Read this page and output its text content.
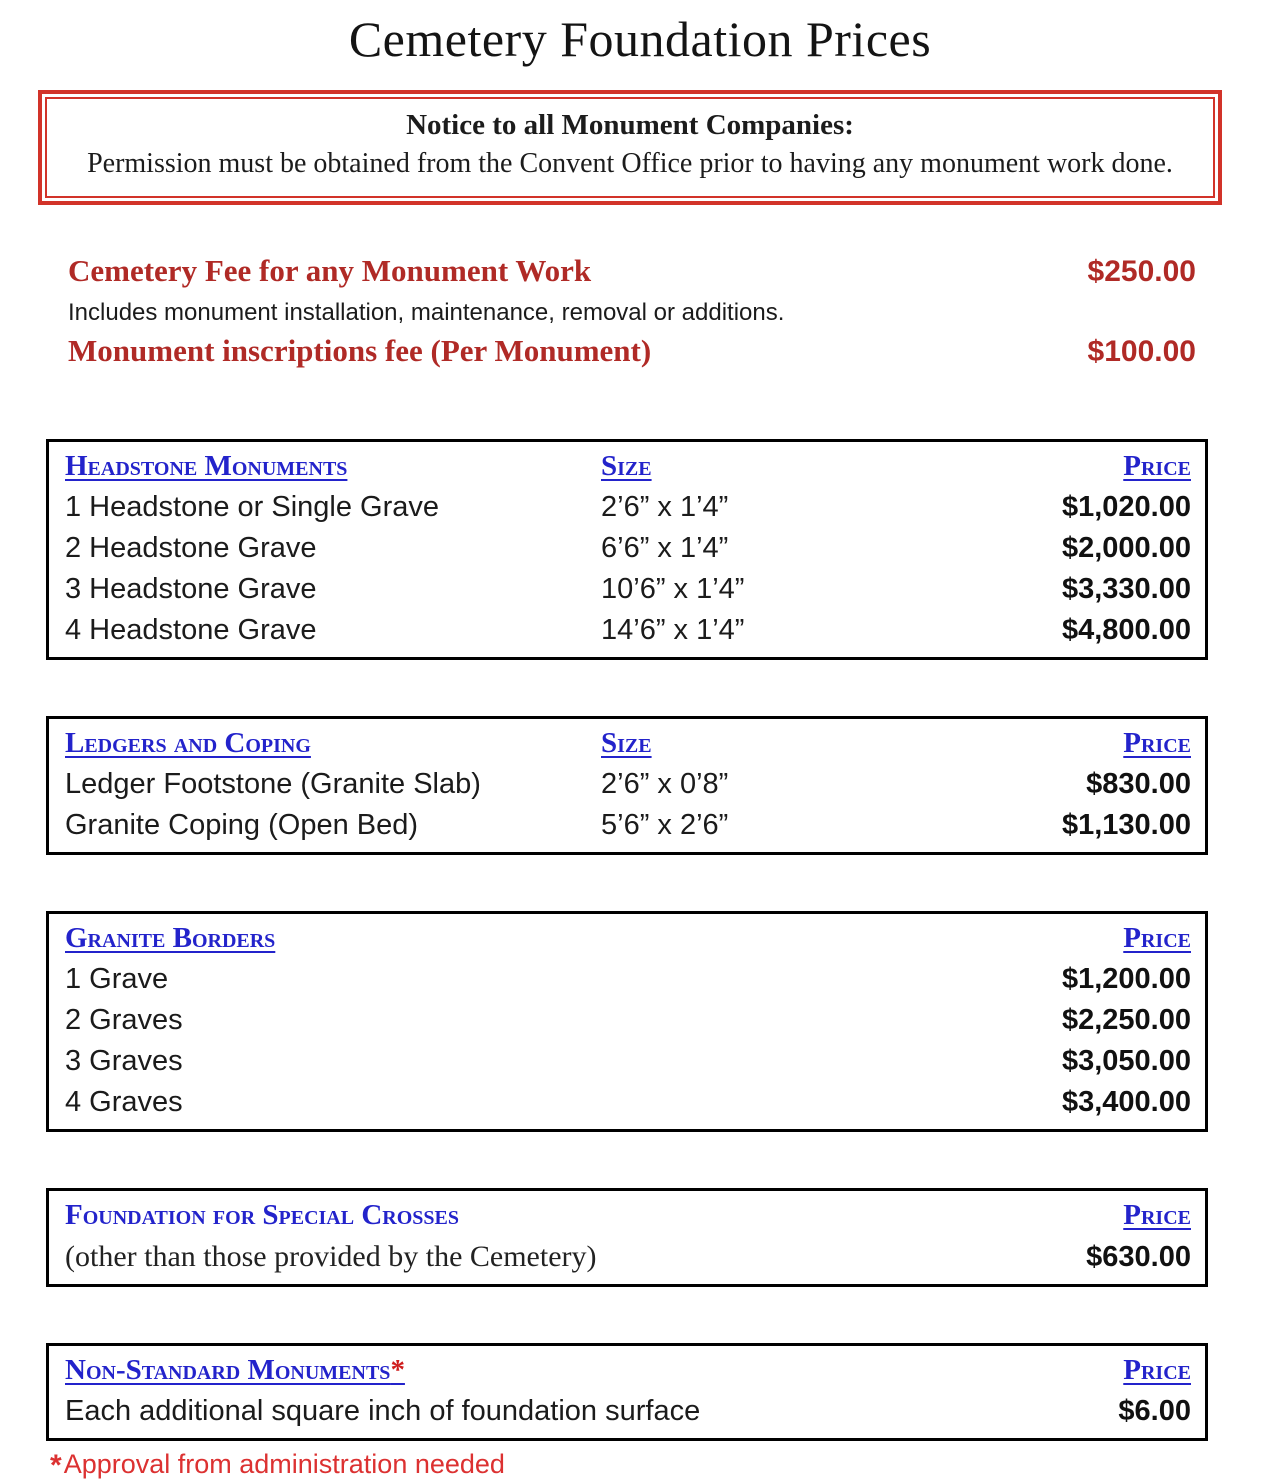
Cemetery Foundation Prices
Notice to all Monument Companies:
Permission must be obtained from the Convent Office prior to having any monument work done.
Cemetery Fee for any Monument Work	$250.00
Includes monument installation, maintenance, removal or additions.
Monument inscriptions fee (Per Monument)	$100.00
Headstone Monuments	Size	Price
1 Headstone or Single Grave	2’6” x 1’4”	$1,020.00
2 Headstone Grave	6’6” x 1’4”	$2,000.00
3 Headstone Grave	10’6” x 1’4”	$3,330.00
4 Headstone Grave	14’6” x 1’4”	$4,800.00
Ledgers and Coping	Size	Price
Ledger Footstone (Granite Slab)	2’6” x 0’8”	$830.00
Granite Coping (Open Bed)	5’6” x 2’6”	$1,130.00
Granite Borders	Price
1 Grave	$1,200.00
2 Graves	$2,250.00
3 Graves	$3,050.00
4 Graves	$3,400.00
Foundation for Special Crosses	Price
(other than those provided by the Cemetery)	$630.00
Non-Standard Monuments*	Price
Each additional square inch of foundation surface	$6.00
* Approval from administration needed
